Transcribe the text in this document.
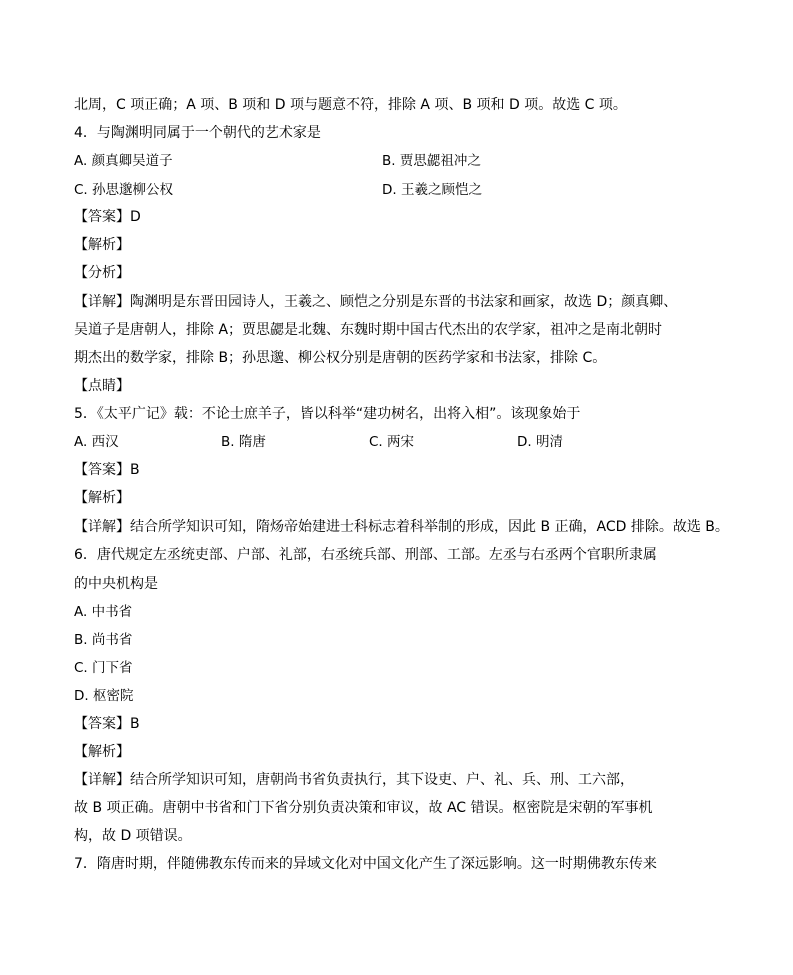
北周，C 项正确；A 项、B 项和 D 项与题意不符，排除 A 项、B 项和 D 项。故选 C 项。
4．与陶渊明同属于一个朝代的艺术家是
A. 颜真卿吴道子	B. 贾思勰祖冲之
C. 孙思邈柳公权	D. 王羲之顾恺之
【答案】D
【解析】
【分析】
【详解】陶渊明是东晋田园诗人，王羲之、顾恺之分别是东晋的书法家和画家，故选 D；颜真卿、
吴道子是唐朝人，排除 A；贾思勰是北魏、东魏时期中国古代杰出的农学家，祖冲之是南北朝时
期杰出的数学家，排除 B；孙思邈、柳公权分别是唐朝的医药学家和书法家，排除 C。
【点睛】
5．《太平广记》载：不论士庶羊子，皆以科举“建功树名，出将入相”。该现象始于
A. 西汉	B. 隋唐	C. 两宋	D. 明清
【答案】B
【解析】
【详解】结合所学知识可知，隋炀帝始建进士科标志着科举制的形成，因此 B 正确，ACD 排除。故选 B。
6．唐代规定左丞统吏部、户部、礼部，右丞统兵部、刑部、工部。左丞与右丞两个官职所隶属
的中央机构是
A. 中书省
B. 尚书省
C. 门下省
D. 枢密院
【答案】B
【解析】
【详解】结合所学知识可知，唐朝尚书省负责执行，其下设吏、户、礼、兵、刑、工六部，
故 B 项正确。唐朝中书省和门下省分别负责决策和审议，故 AC 错误。枢密院是宋朝的军事机
构，故 D 项错误。
7．隋唐时期，伴随佛教东传而来的异域文化对中国文化产生了深远影响。这一时期佛教东传来
